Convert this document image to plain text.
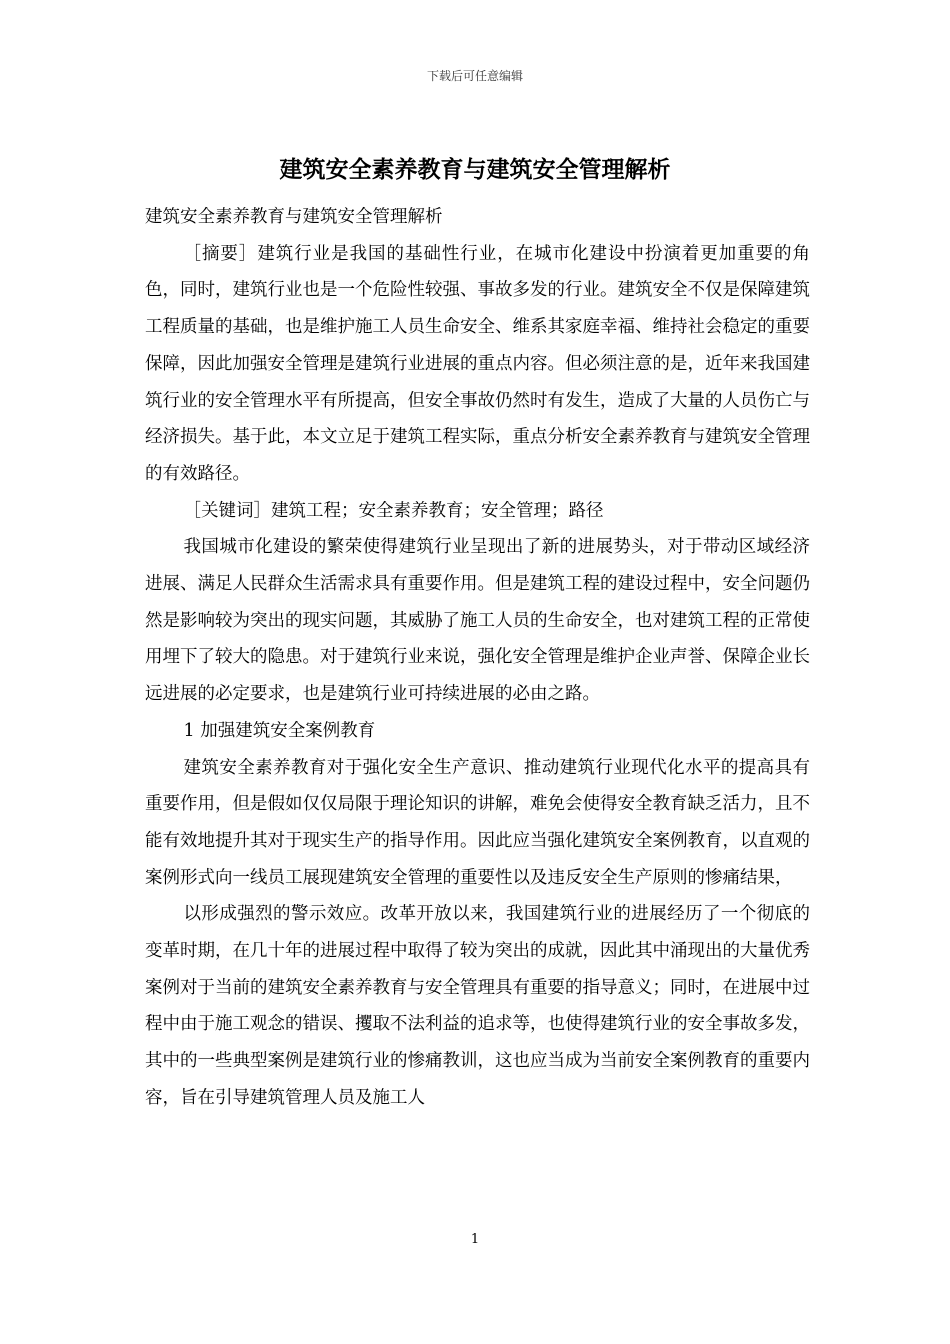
下载后可任意编辑
建筑安全素养教育与建筑安全管理解析

建筑安全素养教育与建筑安全管理解析

［摘要］建筑行业是我国的基础性行业，在城市化建设中扮演着更加重要的角色，同时，建筑行业也是一个危险性较强、事故多发的行业。建筑安全不仅是保障建筑工程质量的基础，也是维护施工人员生命安全、维系其家庭幸福、维持社会稳定的重要保障，因此加强安全管理是建筑行业进展的重点内容。但必须注意的是，近年来我国建筑行业的安全管理水平有所提高，但安全事故仍然时有发生，造成了大量的人员伤亡与经济损失。基于此，本文立足于建筑工程实际，重点分析安全素养教育与建筑安全管理的有效路径。

［关键词］建筑工程；安全素养教育；安全管理；路径

我国城市化建设的繁荣使得建筑行业呈现出了新的进展势头，对于带动区域经济进展、满足人民群众生活需求具有重要作用。但是建筑工程的建设过程中，安全问题仍然是影响较为突出的现实问题，其威胁了施工人员的生命安全，也对建筑工程的正常使用埋下了较大的隐患。对于建筑行业来说，强化安全管理是维护企业声誉、保障企业长远进展的必定要求，也是建筑行业可持续进展的必由之路。

1 加强建筑安全案例教育

建筑安全素养教育对于强化安全生产意识、推动建筑行业现代化水平的提高具有重要作用，但是假如仅仅局限于理论知识的讲解，难免会使得安全教育缺乏活力，且不能有效地提升其对于现实生产的指导作用。因此应当强化建筑安全案例教育，以直观的案例形式向一线员工展现建筑安全管理的重要性以及违反安全生产原则的惨痛结果，

以形成强烈的警示效应。改革开放以来，我国建筑行业的进展经历了一个彻底的变革时期，在几十年的进展过程中取得了较为突出的成就，因此其中涌现出的大量优秀案例对于当前的建筑安全素养教育与安全管理具有重要的指导意义；同时，在进展中过程中由于施工观念的错误、攫取不法利益的追求等，也使得建筑行业的安全事故多发，其中的一些典型案例是建筑行业的惨痛教训，这也应当成为当前安全案例教育的重要内容，旨在引导建筑管理人员及施工人

1
